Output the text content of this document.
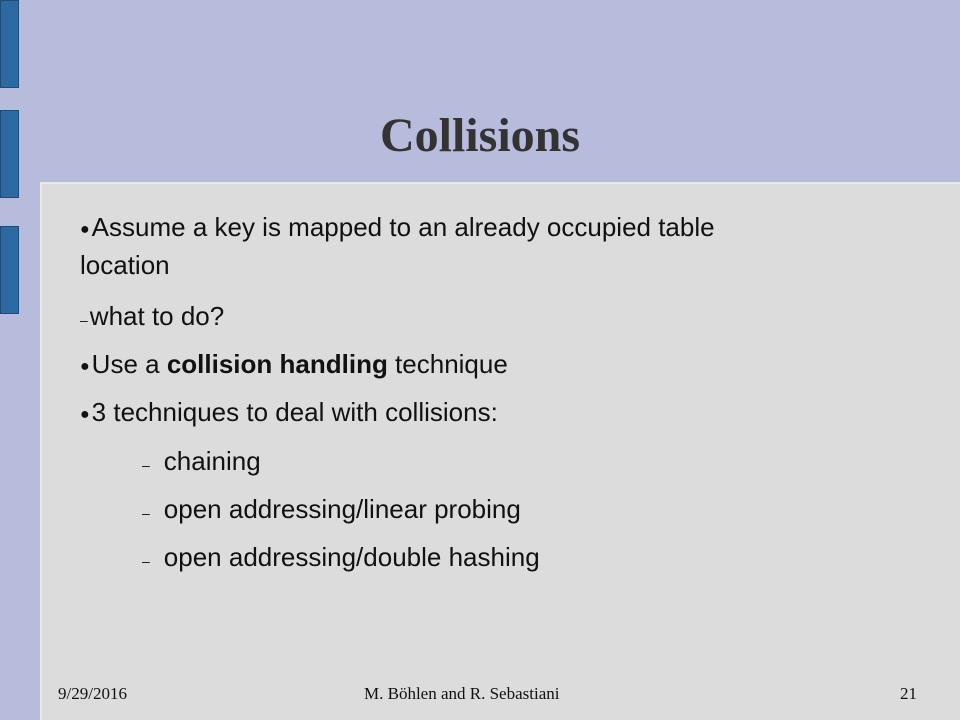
Collisions
●Assume a key is mapped to an already occupied table
location
–what to do?
●Use a collision handling technique
●3 techniques to deal with collisions:
– chaining
– open addressing/linear probing
– open addressing/double hashing
9/29/2016	M. Böhlen and R. Sebastiani	21
